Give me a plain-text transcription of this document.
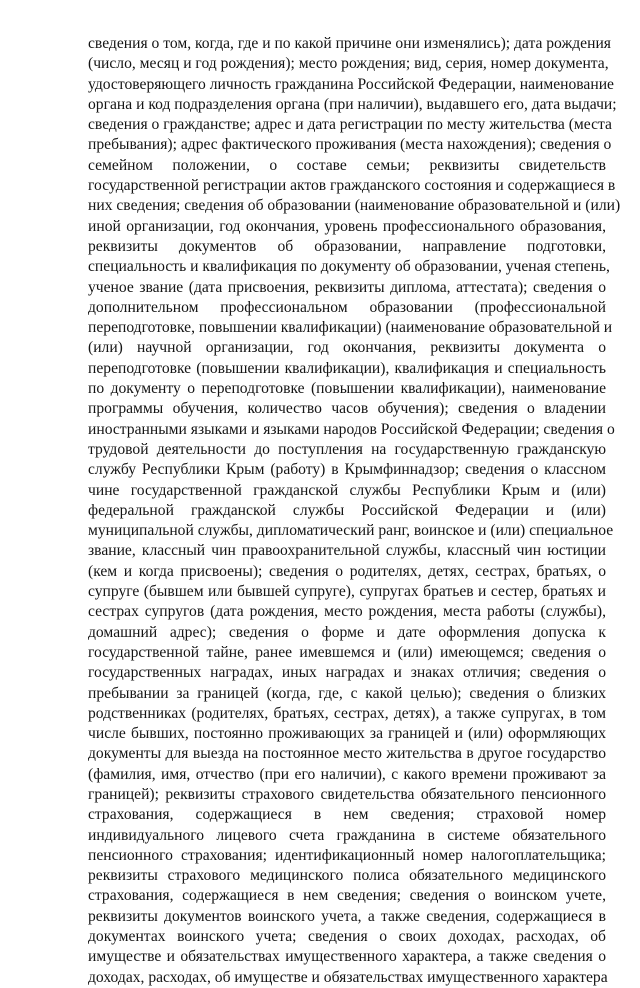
сведения о том, когда, где и по какой причине они изменялись); дата рождения
(число, месяц и год рождения); место рождения; вид, серия, номер документа,
удостоверяющего личность гражданина Российской Федерации, наименование
органа и код подразделения органа (при наличии), выдавшего его, дата выдачи;
сведения о гражданстве; адрес и дата регистрации по месту жительства (места
пребывания); адрес фактического проживания (места нахождения); сведения о
семейном положении, о составе семьи; реквизиты свидетельств
государственной регистрации актов гражданского состояния и содержащиеся в
них сведения; сведения об образовании (наименование образовательной и (или)
иной организации, год окончания, уровень профессионального образования,
реквизиты документов об образовании, направление подготовки,
специальность и квалификация по документу об образовании, ученая степень,
ученое звание (дата присвоения, реквизиты диплома, аттестата); сведения о
дополнительном профессиональном образовании (профессиональной
переподготовке, повышении квалификации) (наименование образовательной и
(или) научной организации, год окончания, реквизиты документа о
переподготовке (повышении квалификации), квалификация и специальность
по документу о переподготовке (повышении квалификации), наименование
программы обучения, количество часов обучения); сведения о владении
иностранными языками и языками народов Российской Федерации; сведения о
трудовой деятельности до поступления на государственную гражданскую
службу Республики Крым (работу) в Крымфиннадзор; сведения о классном
чине государственной гражданской службы Республики Крым и (или)
федеральной гражданской службы Российской Федерации и (или)
муниципальной службы, дипломатический ранг, воинское и (или) специальное
звание, классный чин правоохранительной службы, классный чин юстиции
(кем и когда присвоены); сведения о родителях, детях, сестрах, братьях, о
супруге (бывшем или бывшей супруге), супругах братьев и сестер, братьях и
сестрах супругов (дата рождения, место рождения, места работы (службы),
домашний адрес); сведения о форме и дате оформления допуска к
государственной тайне, ранее имевшемся и (или) имеющемся; сведения о
государственных наградах, иных наградах и знаках отличия; сведения о
пребывании за границей (когда, где, с какой целью); сведения о близких
родственниках (родителях, братьях, сестрах, детях), а также супругах, в том
числе бывших, постоянно проживающих за границей и (или) оформляющих
документы для выезда на постоянное место жительства в другое государство
(фамилия, имя, отчество (при его наличии), с какого времени проживают за
границей); реквизиты страхового свидетельства обязательного пенсионного
страхования, содержащиеся в нем сведения; страховой номер
индивидуального лицевого счета гражданина в системе обязательного
пенсионного страхования; идентификационный номер налогоплательщика;
реквизиты страхового медицинского полиса обязательного медицинского
страхования, содержащиеся в нем сведения; сведения о воинском учете,
реквизиты документов воинского учета, а также сведения, содержащиеся в
документах воинского учета; сведения о своих доходах, расходах, об
имуществе и обязательствах имущественного характера, а также сведения о
доходах, расходах, об имуществе и обязательствах имущественного характера
